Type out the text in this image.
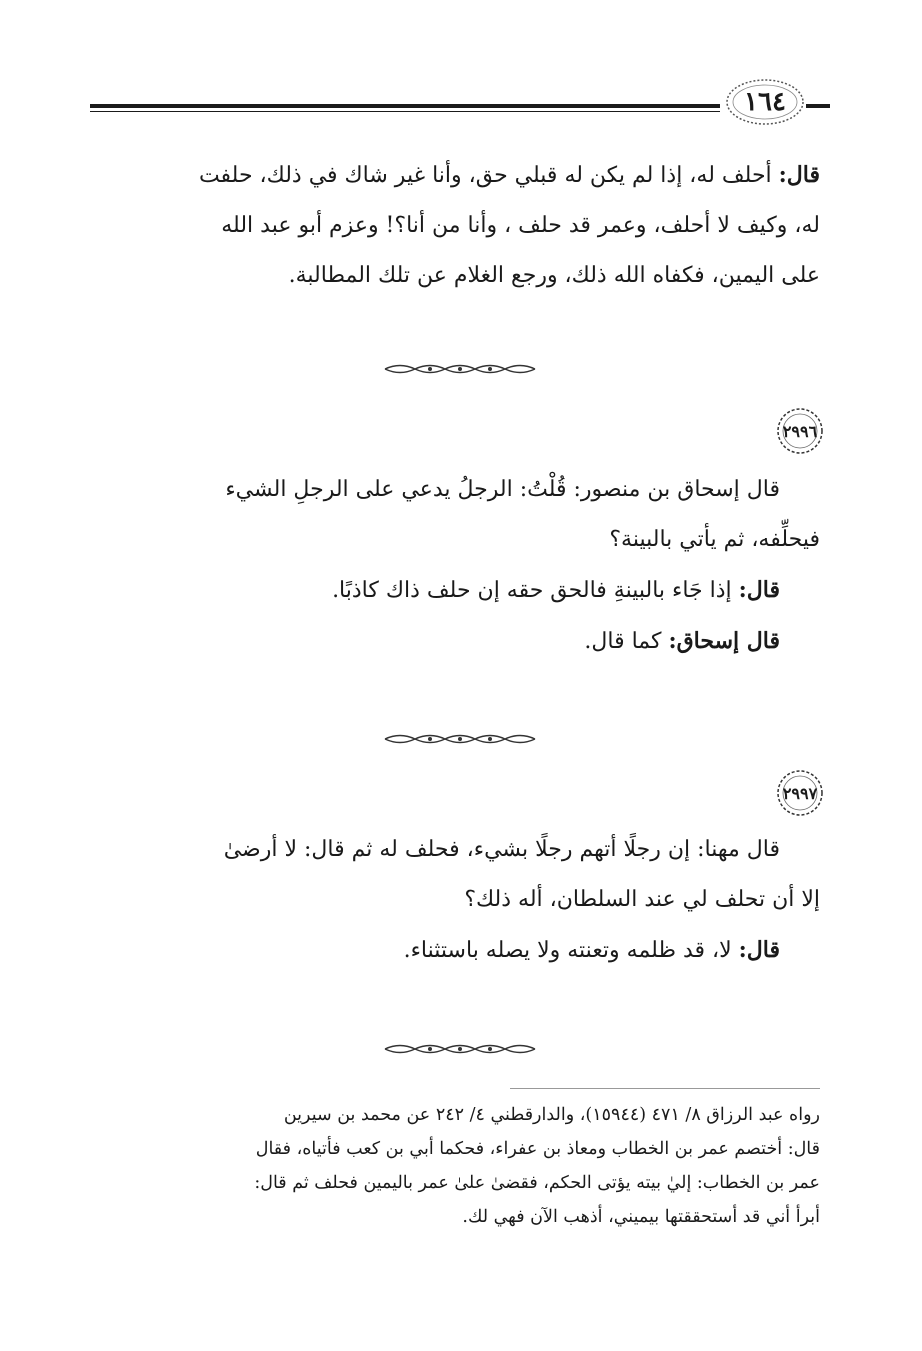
١٦٤

قال: أحلف له، إذا لم يكن له قبلي حق، وأنا غير شاك في ذلك، حلفت

له، وكيف لا أحلف، وعمر قد حلف ، وأنا من أنا؟! وعزم أبو عبد الله

على اليمين، فكفاه الله ذلك، ورجع الغلام عن تلك المطالبة.

٢٩٩٦

قال إسحاق بن منصور: قُلْتُ: الرجلُ يدعي على الرجلِ الشيء

فيحلِّفه، ثم يأتي بالبينة؟

قال: إذا جَاء بالبينةِ فالحق حقه إن حلف ذاك كاذبًا.

قال إسحاق: كما قال.

٢٩٩٧

قال مهنا: إن رجلًا أتهم رجلًا بشيء، فحلف له ثم قال: لا أرضىٰ

إلا أن تحلف لي عند السلطان، أله ذلك؟

قال: لا، قد ظلمه وتعنته ولا يصله باستثناء.

رواه عبد الرزاق ٨/ ٤٧١ (١٥٩٤٤)، والدارقطني ٤/ ٢٤٢ عن محمد بن سيرين

قال: أختصم عمر بن الخطاب ومعاذ بن عفراء، فحكما أبي بن كعب فأتياه، فقال

عمر بن الخطاب: إليٰ بيته يؤتى الحكم، فقضىٰ علىٰ عمر باليمين فحلف ثم قال:

أبرأ أني قد أستحققتها بيميني، أذهب الآن فهي لك.
